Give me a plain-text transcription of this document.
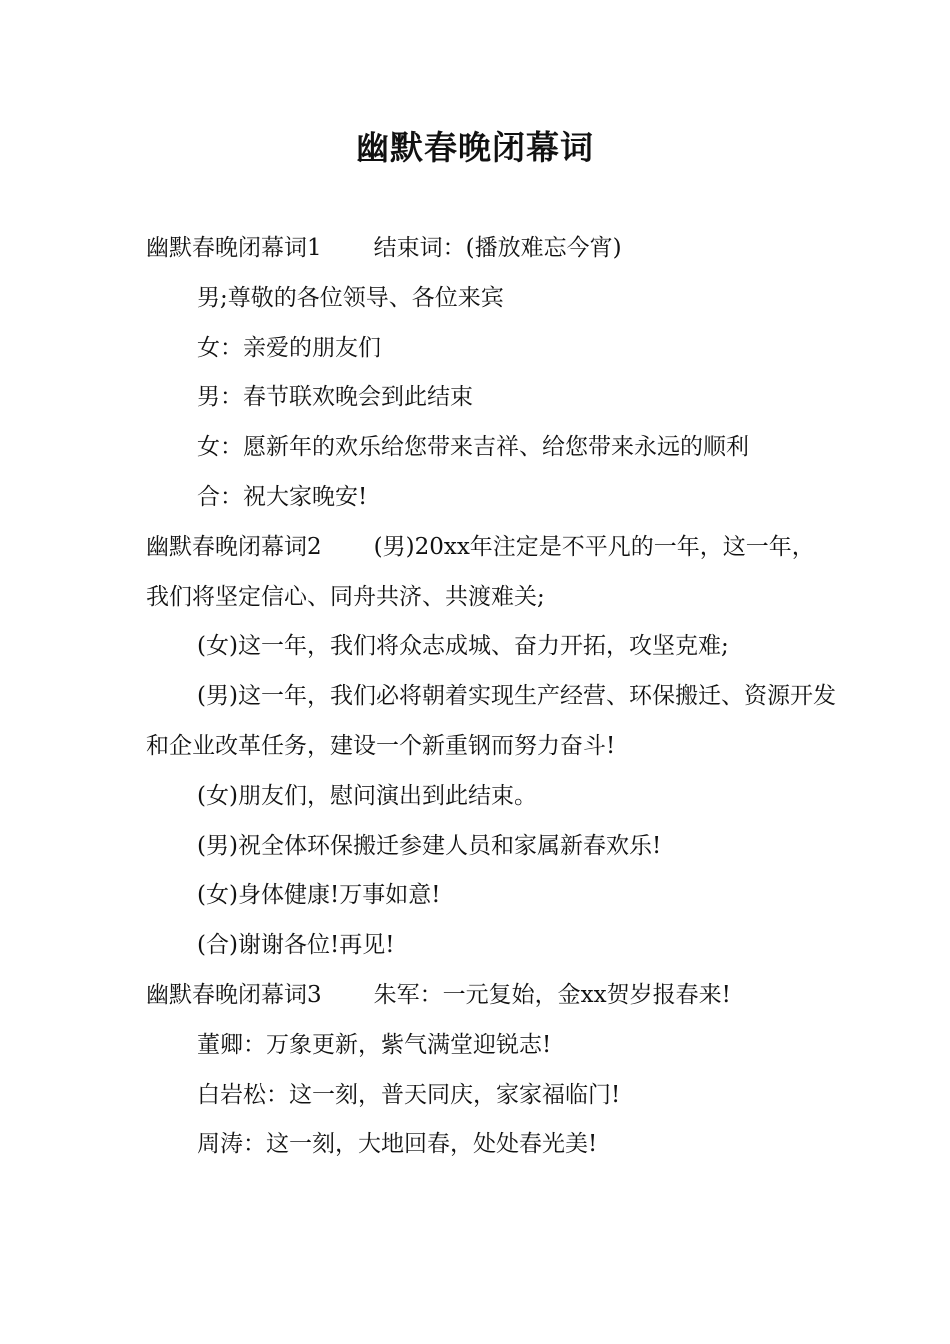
幽默春晚闭幕词

幽默春晚闭幕词1 结束词：(播放难忘今宵)

男;尊敬的各位领导、各位来宾

女：亲爱的朋友们

男：春节联欢晚会到此结束

女：愿新年的欢乐给您带来吉祥、给您带来永远的顺利

合：祝大家晚安!

幽默春晚闭幕词2 (男)20xx年注定是不平凡的一年，这一年，我们将坚定信心、同舟共济、共渡难关;

(女)这一年，我们将众志成城、奋力开拓，攻坚克难;

(男)这一年，我们必将朝着实现生产经营、环保搬迁、资源开发和企业改革任务，建设一个新重钢而努力奋斗!

(女)朋友们，慰问演出到此结束。

(男)祝全体环保搬迁参建人员和家属新春欢乐!

(女)身体健康!万事如意!

(合)谢谢各位!再见!

幽默春晚闭幕词3 朱军：一元复始，金xx贺岁报春来!

董卿：万象更新，紫气满堂迎锐志!

白岩松：这一刻，普天同庆，家家福临门!

周涛：这一刻，大地回春，处处春光美!
